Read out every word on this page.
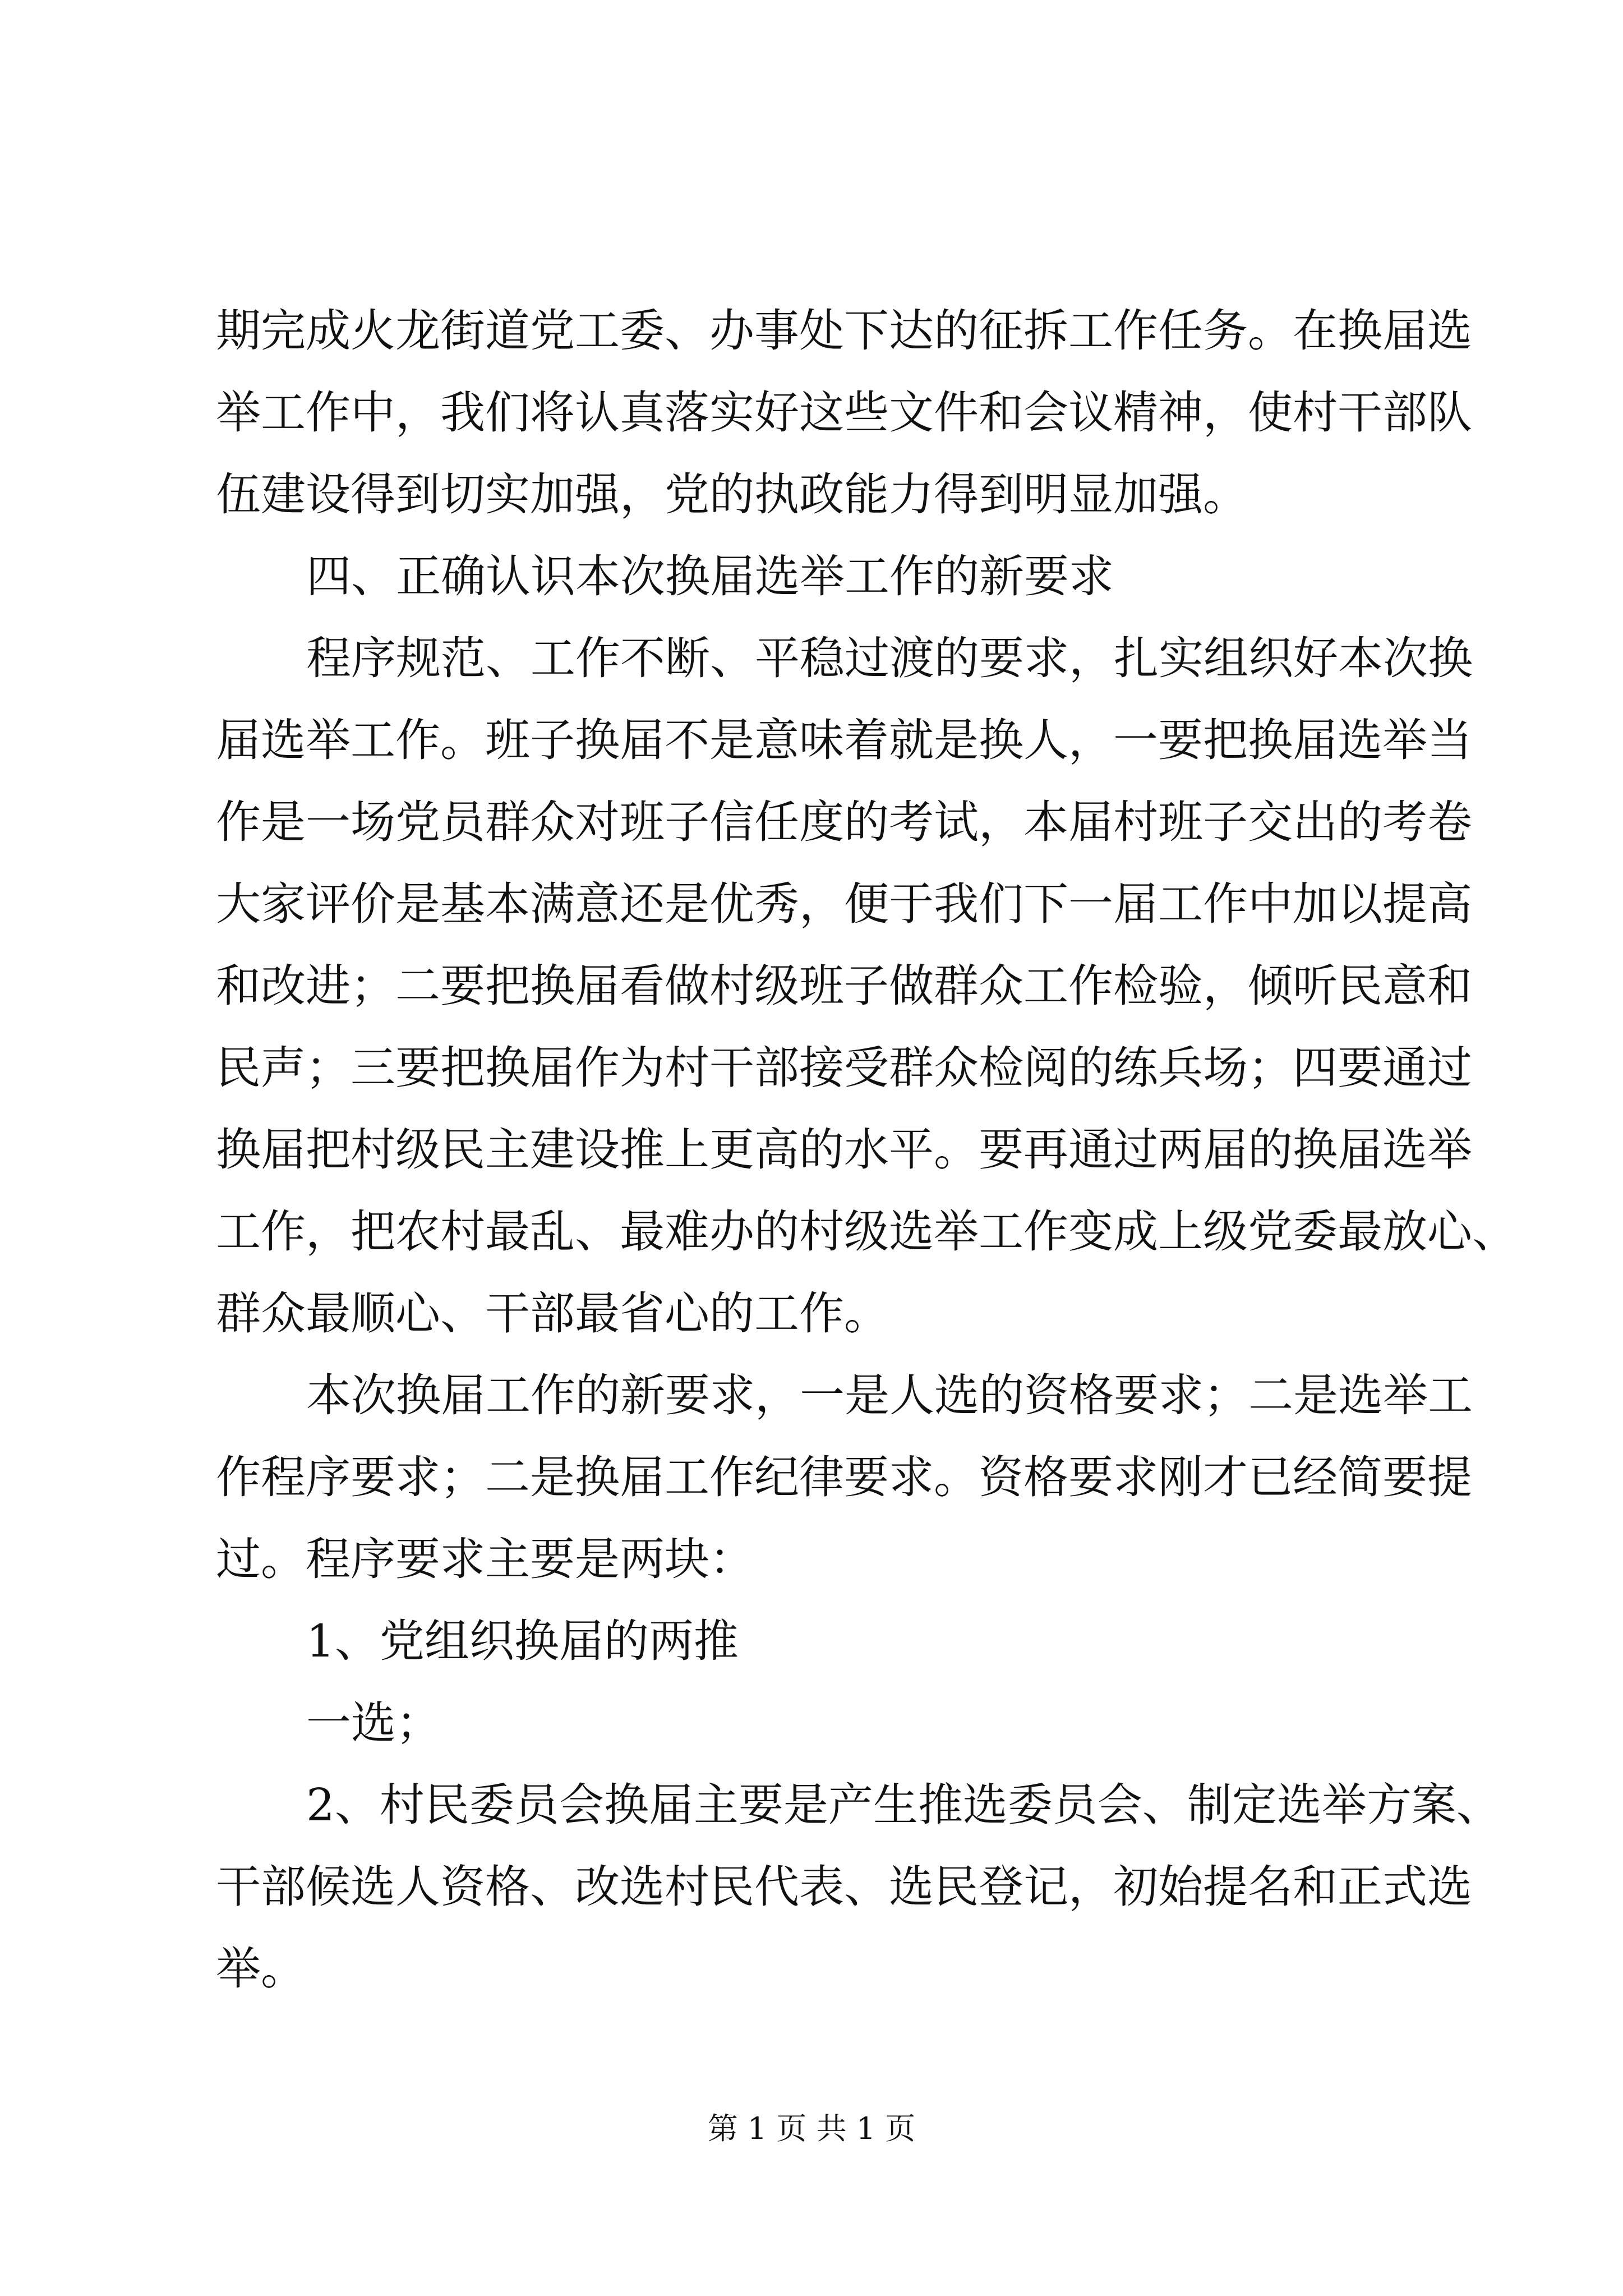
期完成火龙街道党工委、办事处下达的征拆工作任务。在换届选
举工作中，我们将认真落实好这些文件和会议精神，使村干部队
伍建设得到切实加强，党的执政能力得到明显加强。
四、正确认识本次换届选举工作的新要求
程序规范、工作不断、平稳过渡的要求，扎实组织好本次换
届选举工作。班子换届不是意味着就是换人，一要把换届选举当
作是一场党员群众对班子信任度的考试，本届村班子交出的考卷
大家评价是基本满意还是优秀，便于我们下一届工作中加以提高
和改进；二要把换届看做村级班子做群众工作检验，倾听民意和
民声；三要把换届作为村干部接受群众检阅的练兵场；四要通过
换届把村级民主建设推上更高的水平。要再通过两届的换届选举
工作，把农村最乱、最难办的村级选举工作变成上级党委最放心、
群众最顺心、干部最省心的工作。
本次换届工作的新要求，一是人选的资格要求；二是选举工
作程序要求；二是换届工作纪律要求。资格要求刚才已经简要提
过。程序要求主要是两块：
1、党组织换届的两推
一选；
2、村民委员会换届主要是产生推选委员会、制定选举方案、
干部候选人资格、改选村民代表、选民登记，初始提名和正式选
举。
第 1 页 共 1 页
